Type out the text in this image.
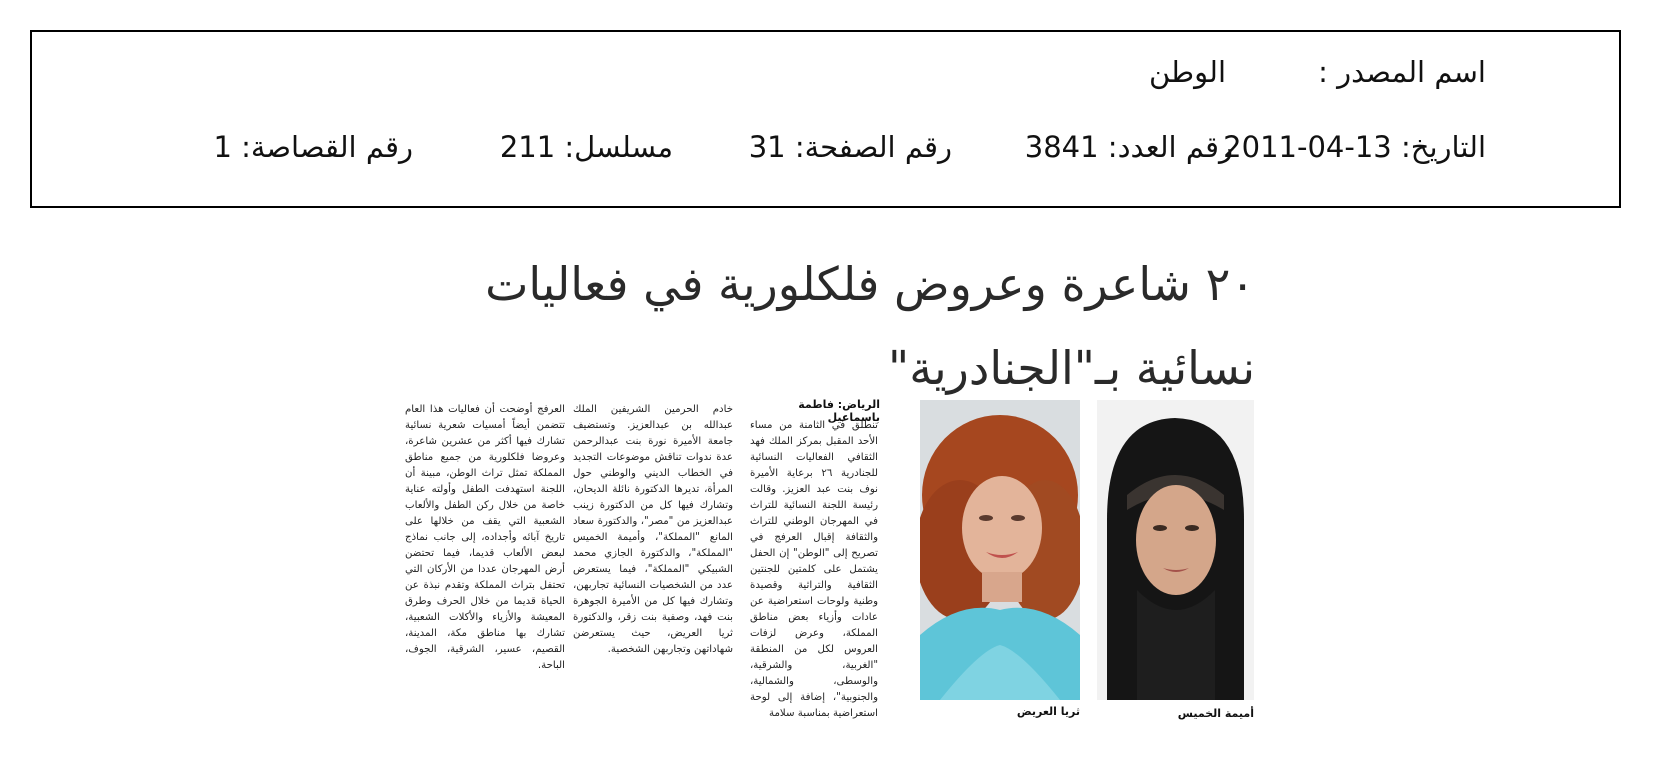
اسم المصدر :
الوطن
التاريخ: 13-04-2011
رقم العدد: 3841
رقم الصفحة: 31
مسلسل: 211
رقم القصاصة: 1
٢٠ شاعرة وعروض فلكلورية في فعاليات
نسائية بـ"الجنادرية"
الرياض: فاطمة باسماعيل
تنطلق في الثامنة من مساء الأحد المقبل بمركز الملك فهد الثقافي الفعاليات النسائية للجنادرية ٢٦ برعاية الأميرة نوف بنت عبد العزيز. وقالت رئيسة اللجنة النسائية للتراث في المهرجان الوطني للتراث والثقافة إقبال العرفج في تصريح إلى "الوطن" إن الحفل يشتمل على كلمتين للجنتين الثقافية والتراثية وقصيدة وطنية ولوحات استعراضية عن عادات وأزياء بعض مناطق المملكة، وعرض لزفات العروس لكل من المنطقة "الغربية، والشرقية، والوسطى، والشمالية، والجنوبية"، إضافة إلى لوحة استعراضية بمناسبة سلامة
خادم الحرمين الشريفين الملك عبدالله بن عبدالعزيز. وتستضيف جامعة الأميرة نورة بنت عبدالرحمن عدة ندوات تناقش موضوعات التجديد في الخطاب الديني والوطني حول المرأة، تديرها الدكتورة نائلة الديحان، وتشارك فيها كل من الدكتورة زينب عبدالعزيز من "مصر"، والدكتورة سعاد المانع "المملكة"، وأميمة الخميس "المملكة"، والدكتورة الجازي محمد الشبيكي "المملكة"، فيما يستعرض عدد من الشخصيات النسائية تجاربهن، وتشارك فيها كل من الأميرة الجوهرة بنت فهد، وصفية بنت زقر، والدكتورة ثريا العريض، حيث يستعرضن شهاداتهن وتجاربهن الشخصية.
العرفج أوضحت أن فعاليات هذا العام تتضمن أيضاً أمسيات شعرية نسائية تشارك فيها أكثر من عشرين شاعرة، وعروضا فلكلورية من جميع مناطق المملكة تمثل تراث الوطن، مبينة أن اللجنة استهدفت الطفل وأولته عناية خاصة من خلال ركن الطفل والألعاب الشعبية التي يقف من خلالها على تاريخ آبائه وأجداده، إلى جانب نماذج لبعض الألعاب قديما، فيما تحتضن أرض المهرجان عددا من الأركان التي تحتفل بتراث المملكة وتقدم نبذة عن الحياة قديما من خلال الحرف وطرق المعيشة والأزياء والأكلات الشعبية، تشارك بها مناطق مكة، المدينة، القصيم، عسير، الشرقية، الجوف، الباحة.
ثريا العريض	أميمة الخميس
